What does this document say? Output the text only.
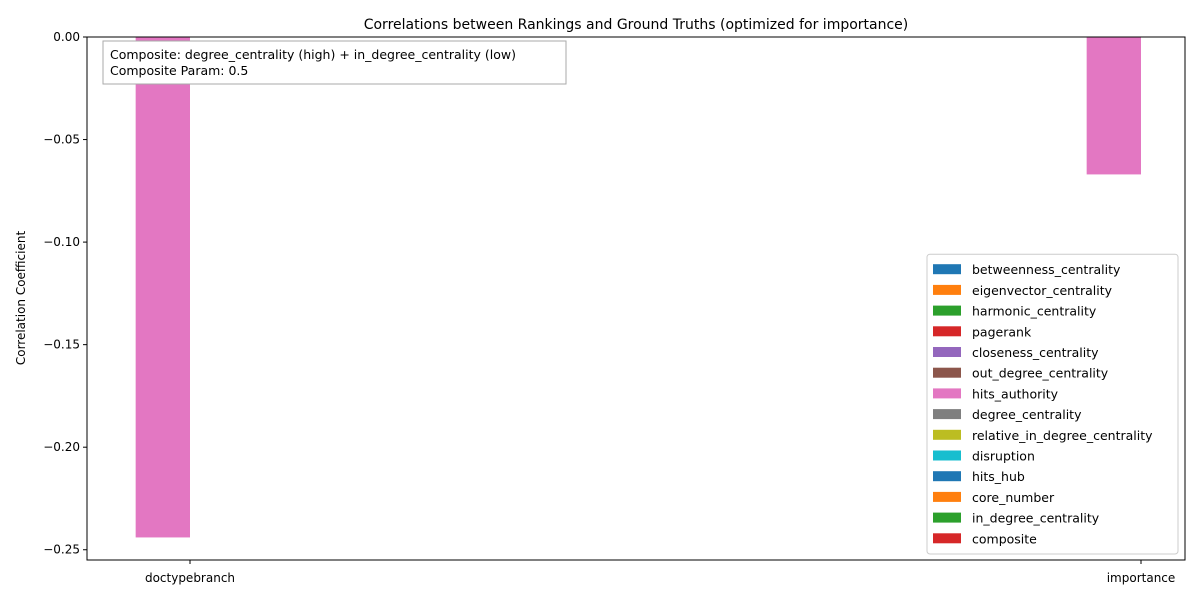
Correlations between Rankings and Ground Truths (optimized for importance)
Correlation Coefficient
0.00
−0.05
−0.10
−0.15
−0.20
−0.25
doctypebranch	importance
Composite: degree_centrality (high) + in_degree_centrality (low)
Composite Param: 0.5
betweenness_centrality
eigenvector_centrality
harmonic_centrality
pagerank
closeness_centrality
out_degree_centrality
hits_authority
degree_centrality
relative_in_degree_centrality
disruption
hits_hub
core_number
in_degree_centrality
composite
